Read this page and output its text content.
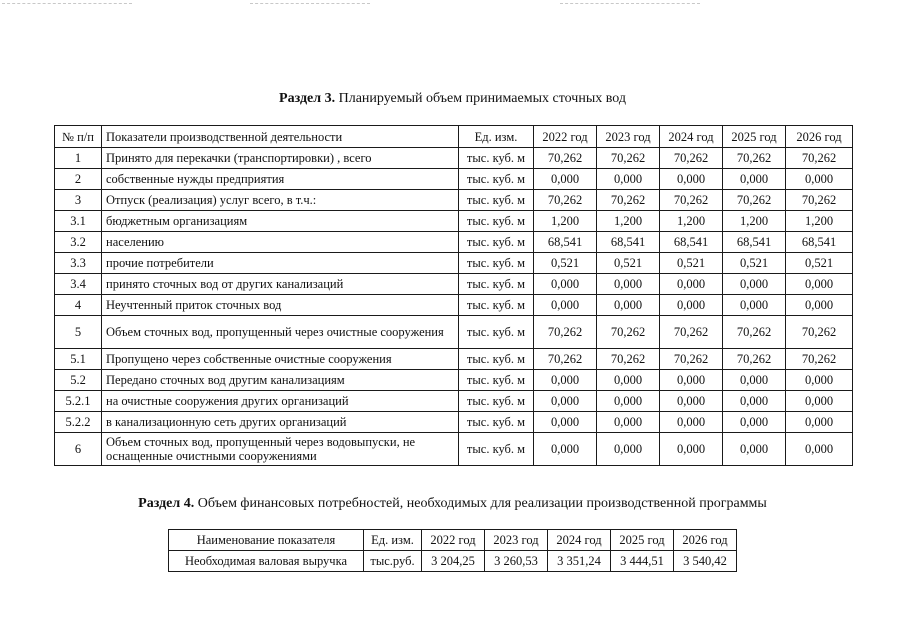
Раздел 3. Планируемый объем принимаемых сточных вод
№ п/п	Показатели производственной деятельности	Ед. изм.	2022 год	2023 год	2024 год	2025 год	2026 год
1	Принято для перекачки (транспортировки) , всего	тыс. куб. м	70,262	70,262	70,262	70,262	70,262
2	собственные нужды предприятия	тыс. куб. м	0,000	0,000	0,000	0,000	0,000
3	Отпуск (реализация) услуг всего, в т.ч.:	тыс. куб. м	70,262	70,262	70,262	70,262	70,262
3.1	бюджетным организациям	тыс. куб. м	1,200	1,200	1,200	1,200	1,200
3.2	населению	тыс. куб. м	68,541	68,541	68,541	68,541	68,541
3.3	прочие потребители	тыс. куб. м	0,521	0,521	0,521	0,521	0,521
3.4	принято сточных вод от других канализаций	тыс. куб. м	0,000	0,000	0,000	0,000	0,000
4	Неучтенный приток сточных вод	тыс. куб. м	0,000	0,000	0,000	0,000	0,000
5	Объем сточных вод, пропущенный через очистные сооружения	тыс. куб. м	70,262	70,262	70,262	70,262	70,262
5.1	Пропущено через собственные очистные сооружения	тыс. куб. м	70,262	70,262	70,262	70,262	70,262
5.2	Передано сточных вод другим канализациям	тыс. куб. м	0,000	0,000	0,000	0,000	0,000
5.2.1	на очистные сооружения других организаций	тыс. куб. м	0,000	0,000	0,000	0,000	0,000
5.2.2	в канализационную сеть других организаций	тыс. куб. м	0,000	0,000	0,000	0,000	0,000
6	Объем сточных вод, пропущенный через водовыпуски, не оснащенные очистными сооружениями	тыс. куб. м	0,000	0,000	0,000	0,000	0,000
Раздел 4. Объем финансовых потребностей, необходимых для реализации производственной программы
Наименование показателя	Ед. изм.	2022 год	2023 год	2024 год	2025 год	2026 год
Необходимая валовая выручка	тыс.руб.	3 204,25	3 260,53	3 351,24	3 444,51	3 540,42
